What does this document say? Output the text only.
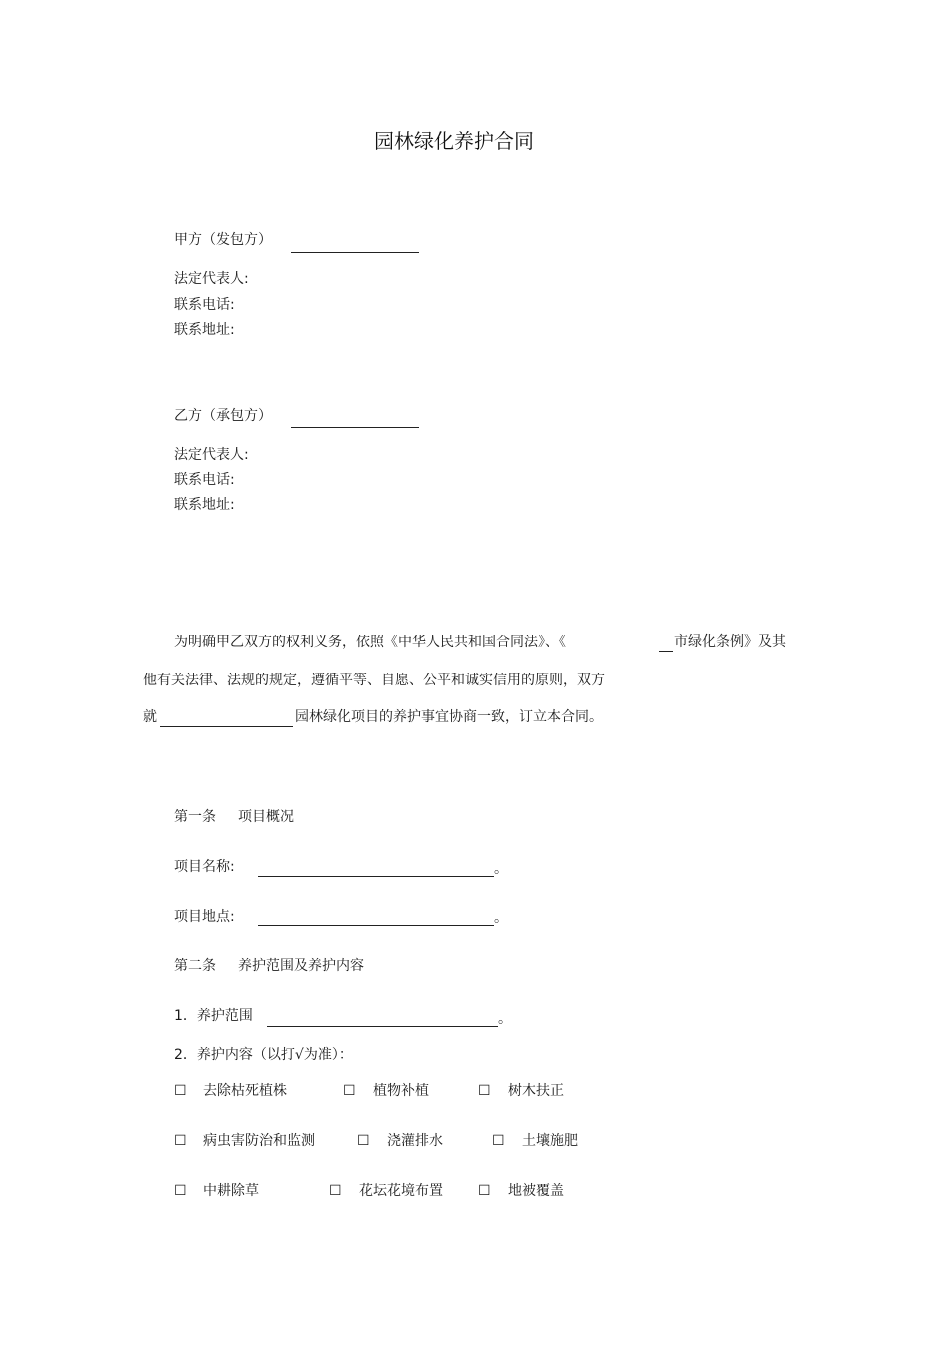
园林绿化养护合同
甲方（发包方）
法定代表人:
联系电话:
联系地址:
乙方（承包方）
法定代表人:
联系电话:
联系地址:
为明确甲乙双方的权利义务，依照《中华人民共和国合同法》、《	市绿化条例》及其
他有关法律、法规的规定，遵循平等、自愿、公平和诚实信用的原则，双方
就	园林绿化项目的养护事宜协商一致，订立本合同。
第一条 项目概况
项目名称:	。
项目地点:	。
第二条 养护范围及养护内容
1．养护范围	。
2．养护内容（以打√为准）：
☐ 去除枯死植株	☐ 植物补植	☐ 树木扶正
☐ 病虫害防治和监测	☐ 浇灌排水	☐ 土壤施肥
☐ 中耕除草	☐ 花坛花境布置	☐ 地被覆盖
